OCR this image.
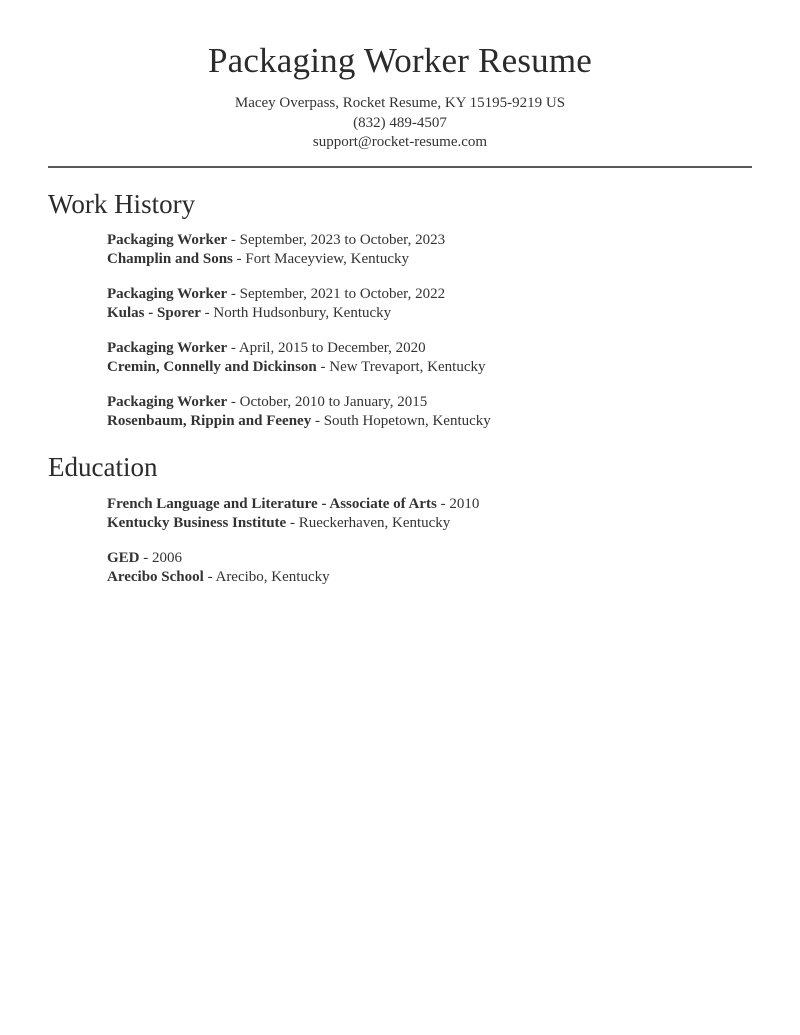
Packaging Worker Resume

Macey Overpass, Rocket Resume, KY 15195-9219 US

(832) 489-4507

support@rocket-resume.com

Work History

Packaging Worker - September, 2023 to October, 2023

Champlin and Sons - Fort Maceyview, Kentucky

Packaging Worker - September, 2021 to October, 2022

Kulas - Sporer - North Hudsonbury, Kentucky

Packaging Worker - April, 2015 to December, 2020

Cremin, Connelly and Dickinson - New Trevaport, Kentucky

Packaging Worker - October, 2010 to January, 2015

Rosenbaum, Rippin and Feeney - South Hopetown, Kentucky

Education

French Language and Literature - Associate of Arts - 2010

Kentucky Business Institute - Rueckerhaven, Kentucky

GED - 2006

Arecibo School - Arecibo, Kentucky
